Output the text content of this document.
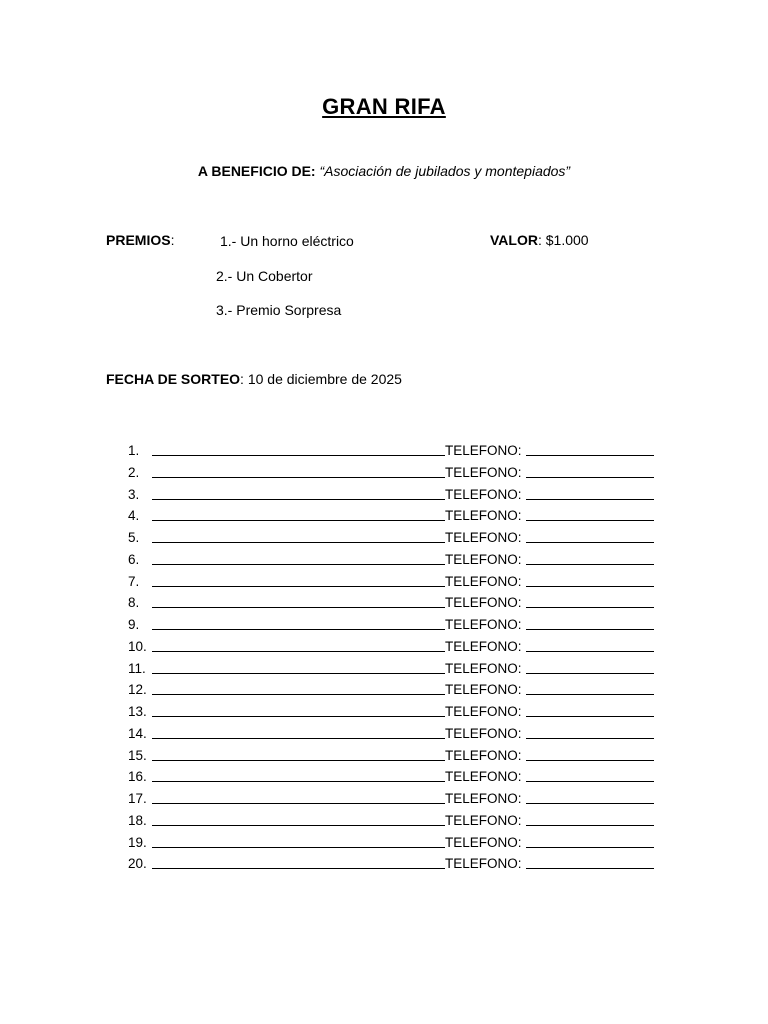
GRAN RIFA
A BENEFICIO DE: “Asociación de jubilados y montepiados”
PREMIOS:	1.- Un horno eléctrico
2.- Un Cobertor
3.- Premio Sorpresa
VALOR: $1.000
FECHA DE SORTEO: 10 de diciembre de 2025
1.	TELEFONO:
2.	TELEFONO:
3.	TELEFONO:
4.	TELEFONO:
5.	TELEFONO:
6.	TELEFONO:
7.	TELEFONO:
8.	TELEFONO:
9.	TELEFONO:
10.	TELEFONO:
11.	TELEFONO:
12.	TELEFONO:
13.	TELEFONO:
14.	TELEFONO:
15.	TELEFONO:
16.	TELEFONO:
17.	TELEFONO:
18.	TELEFONO:
19.	TELEFONO:
20.	TELEFONO:
